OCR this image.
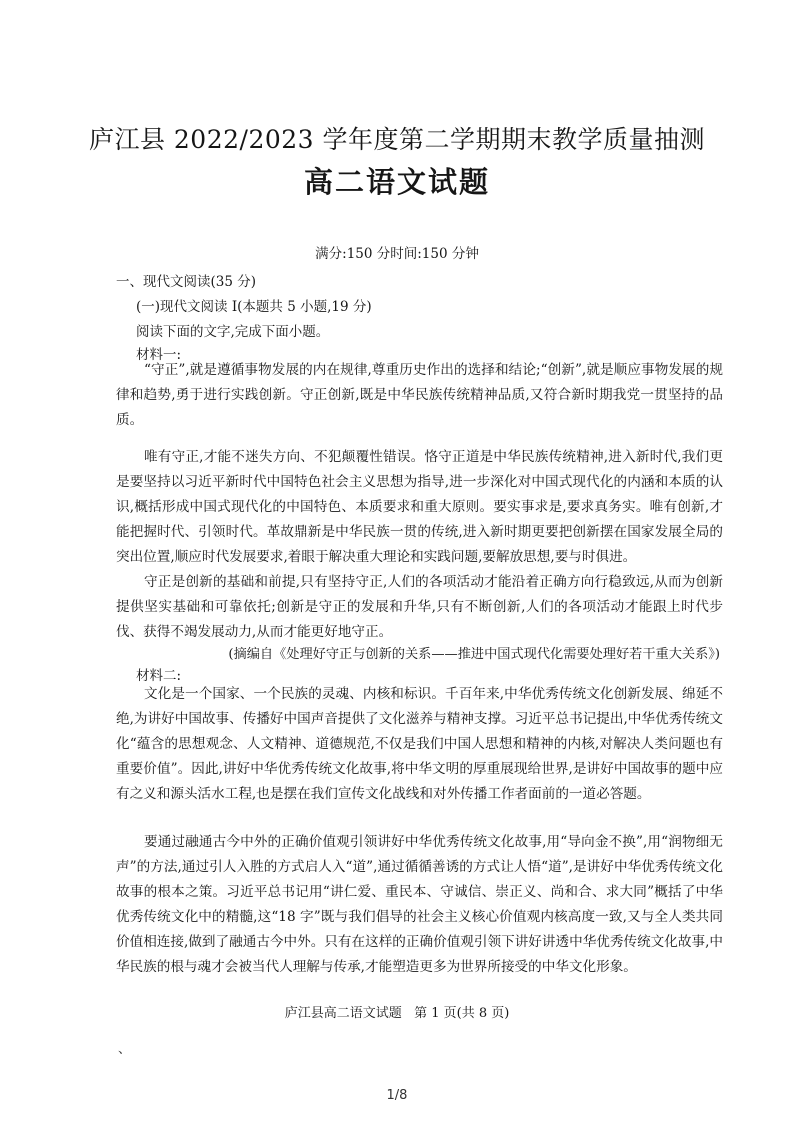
庐江县 2022/2023 学年度第二学期期末教学质量抽测
高二语文试题
满分:150 分时间:150 分钟
一、现代文阅读(35 分)
(一)现代文阅读 I(本题共 5 小题,19 分)
阅读下面的文字,完成下面小题。
材料一:
“守正”,就是遵循事物发展的内在规律,尊重历史作出的选择和结论;“创新”,就是顺应事物发展的规律和趋势,勇于进行实践创新。守正创新,既是中华民族传统精神品质,又符合新时期我党一贯坚持的品质。
唯有守正,才能不迷失方向、不犯颠覆性错误。恪守正道是中华民族传统精神,进入新时代,我们更是要坚持以习近平新时代中国特色社会主义思想为指导,进一步深化对中国式现代化的内涵和本质的认识,概括形成中国式现代化的中国特色、本质要求和重大原则。要实事求是,要求真务实。唯有创新,才能把握时代、引领时代。革故鼎新是中华民族一贯的传统,进入新时期更要把创新摆在国家发展全局的突出位置,顺应时代发展要求,着眼于解决重大理论和实践问题,要解放思想,要与时俱进。
守正是创新的基础和前提,只有坚持守正,人们的各项活动才能沿着正确方向行稳致远,从而为创新提供坚实基础和可靠依托;创新是守正的发展和升华,只有不断创新,人们的各项活动才能跟上时代步伐、获得不竭发展动力,从而才能更好地守正。
(摘编自《处理好守正与创新的关系——推进中国式现代化需要处理好若干重大关系》)
材料二:
文化是一个国家、一个民族的灵魂、内核和标识。千百年来,中华优秀传统文化创新发展、绵延不绝,为讲好中国故事、传播好中国声音提供了文化滋养与精神支撑。习近平总书记提出,中华优秀传统文化“蕴含的思想观念、人文精神、道德规范,不仅是我们中国人思想和精神的内核,对解决人类问题也有重要价值”。因此,讲好中华优秀传统文化故事,将中华文明的厚重展现给世界,是讲好中国故事的题中应有之义和源头活水工程,也是摆在我们宣传文化战线和对外传播工作者面前的一道必答题。
要通过融通古今中外的正确价值观引领讲好中华优秀传统文化故事,用“导向金不换”,用“润物细无声”的方法,通过引人入胜的方式启人入“道”,通过循循善诱的方式让人悟“道”,是讲好中华优秀传统文化故事的根本之策。习近平总书记用“讲仁爱、重民本、守诚信、崇正义、尚和合、求大同”概括了中华优秀传统文化中的精髓,这“18 字”既与我们倡导的社会主义核心价值观内核高度一致,又与全人类共同价值相连接,做到了融通古今中外。只有在这样的正确价值观引领下讲好讲透中华优秀传统文化故事,中华民族的根与魂才会被当代人理解与传承,才能塑造更多为世界所接受的中华文化形象。
庐江县高二语文试题   第 1 页(共 8 页)
、
1/8
